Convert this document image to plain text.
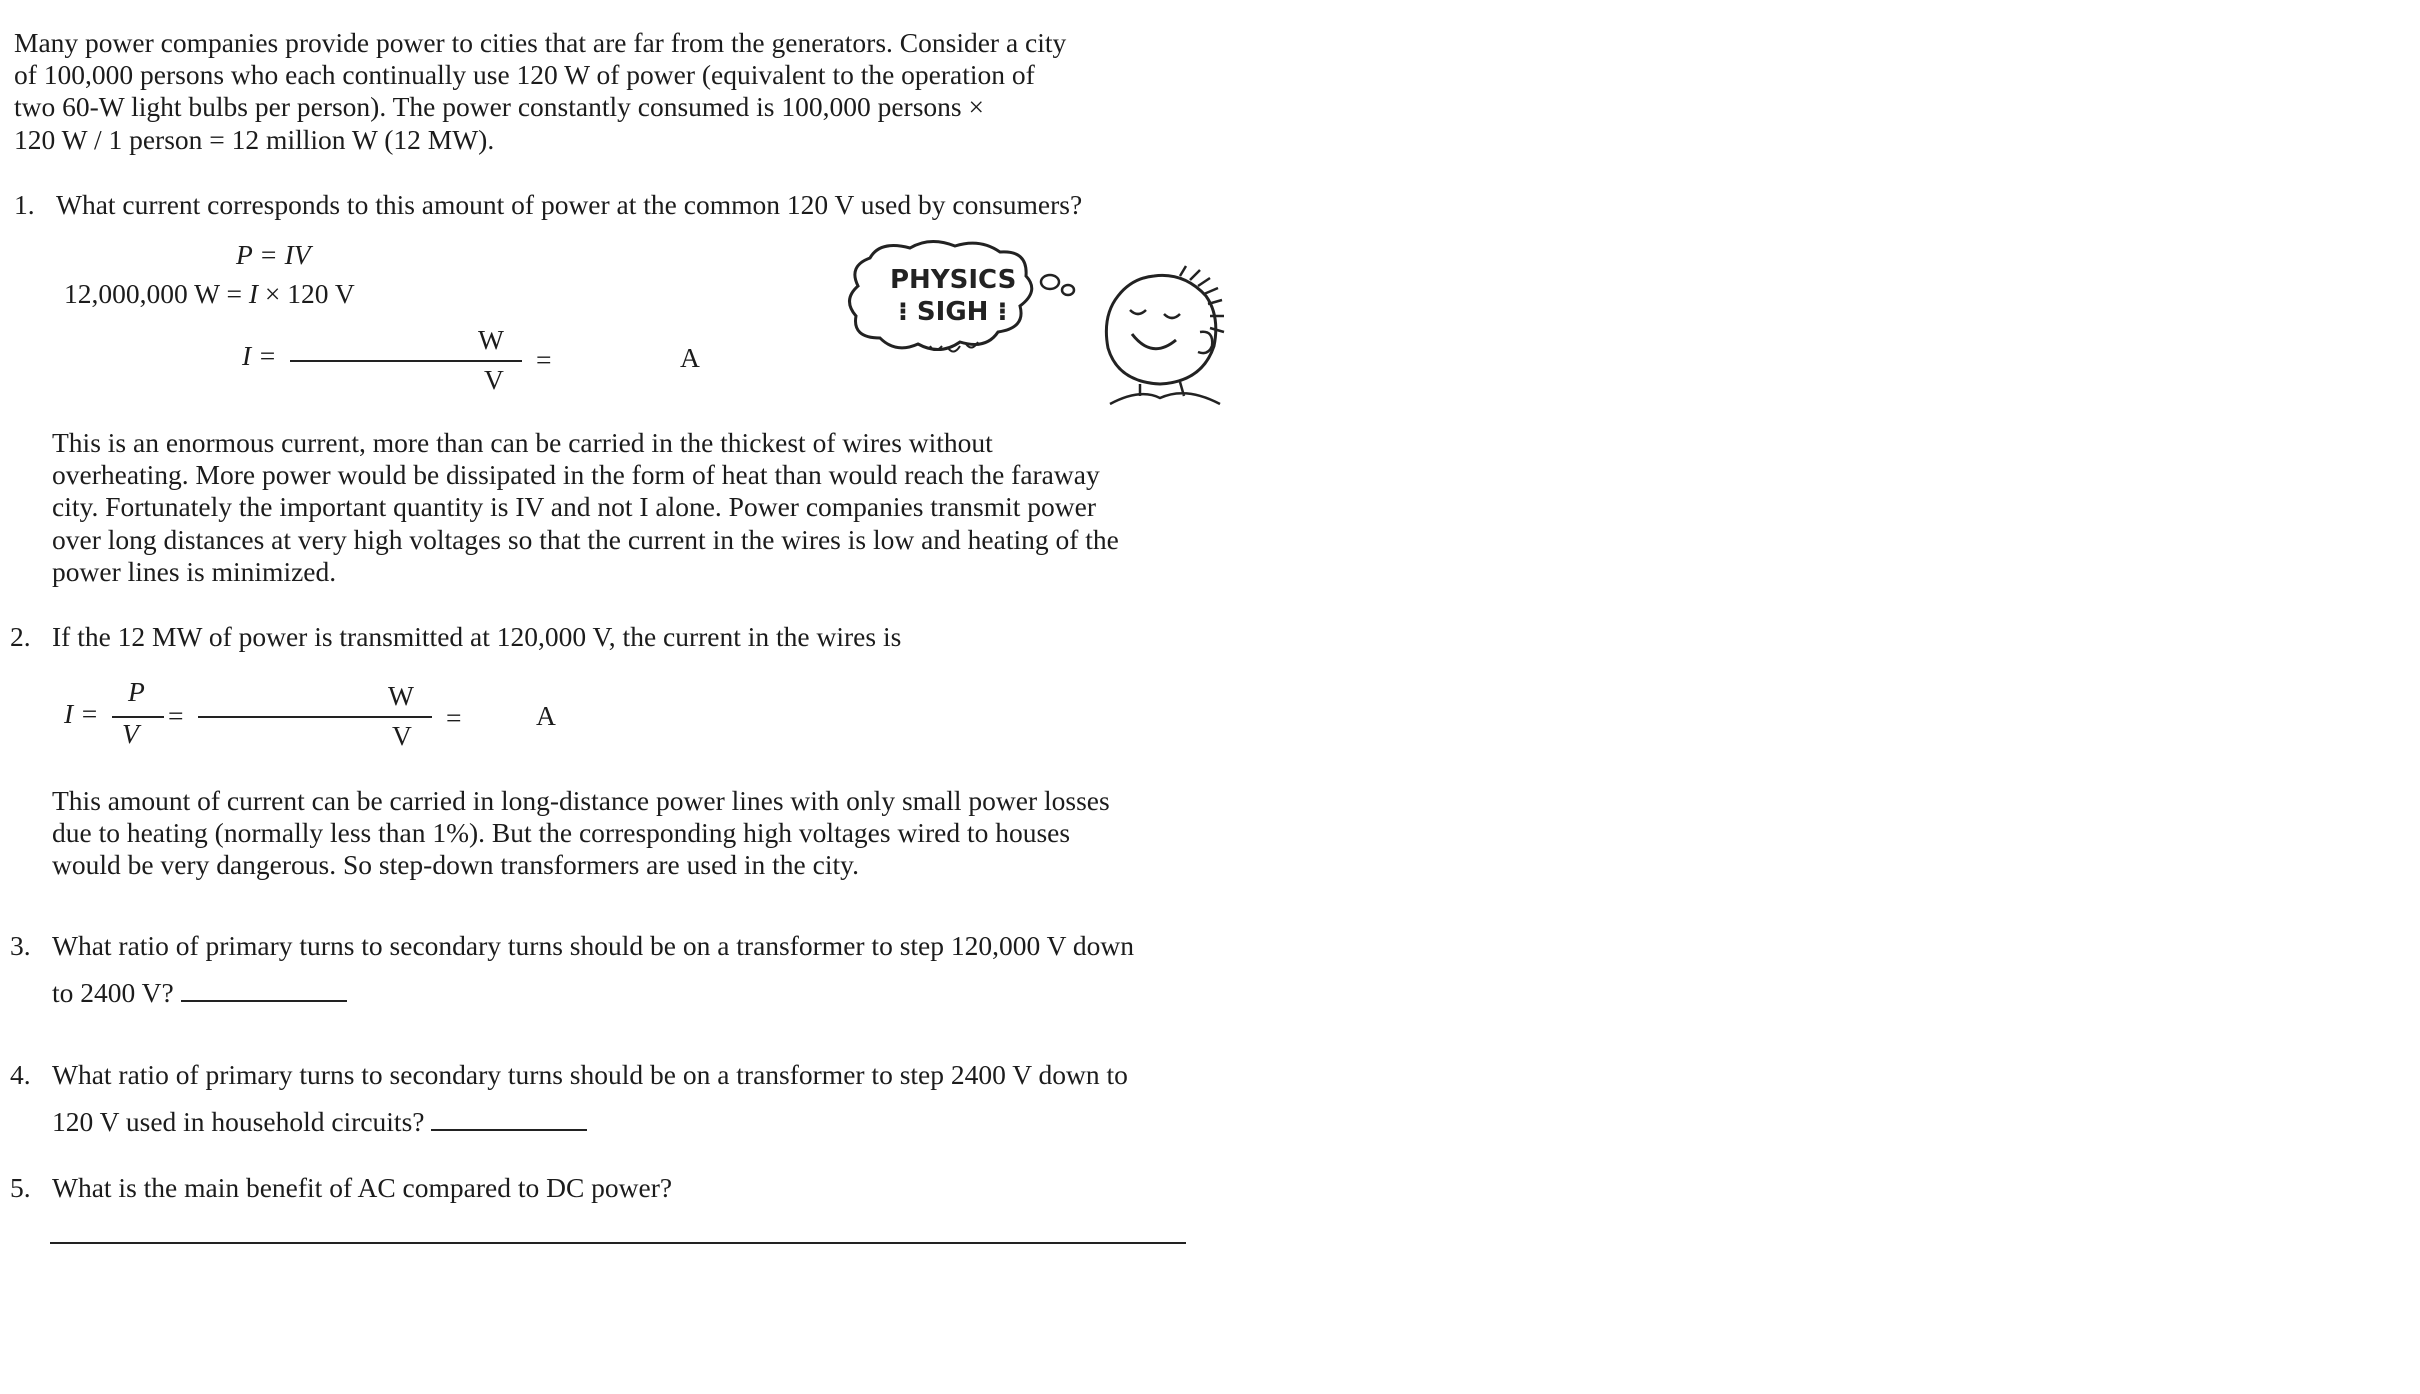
Many power companies provide power to cities that are far from the generators. Consider a city

of 100,000 persons who each continually use 120 W of power (equivalent to the operation of

two 60-W light bulbs per person). The power constantly consumed is 100,000 persons ×

120 W / 1 person = 12 million W (12 MW).

1. What current corresponds to this amount of power at the common 120 V used by consumers?
P = IV
12,000,000 W = I × 120 V
I =
W
V
=	A
PHYSICS
⁝ SIGH ⁝

This is an enormous current, more than can be carried in the thickest of wires without

overheating. More power would be dissipated in the form of heat than would reach the faraway

city. Fortunately the important quantity is IV and not I alone. Power companies transmit power

over long distances at very high voltages so that the current in the wires is low and heating of the

power lines is minimized.

2. If the 12 MW of power is transmitted at 120,000 V, the current in the wires is
I =
P
V
=
W
V
=	A

This amount of current can be carried in long-distance power lines with only small power losses

due to heating (normally less than 1%). But the corresponding high voltages wired to houses

would be very dangerous. So step-down transformers are used in the city.

3. What ratio of primary turns to secondary turns should be on a transformer to step 120,000 V down
to 2400 V?
4. What ratio of primary turns to secondary turns should be on a transformer to step 2400 V down to
120 V used in household circuits?
5. What is the main benefit of AC compared to DC power?
